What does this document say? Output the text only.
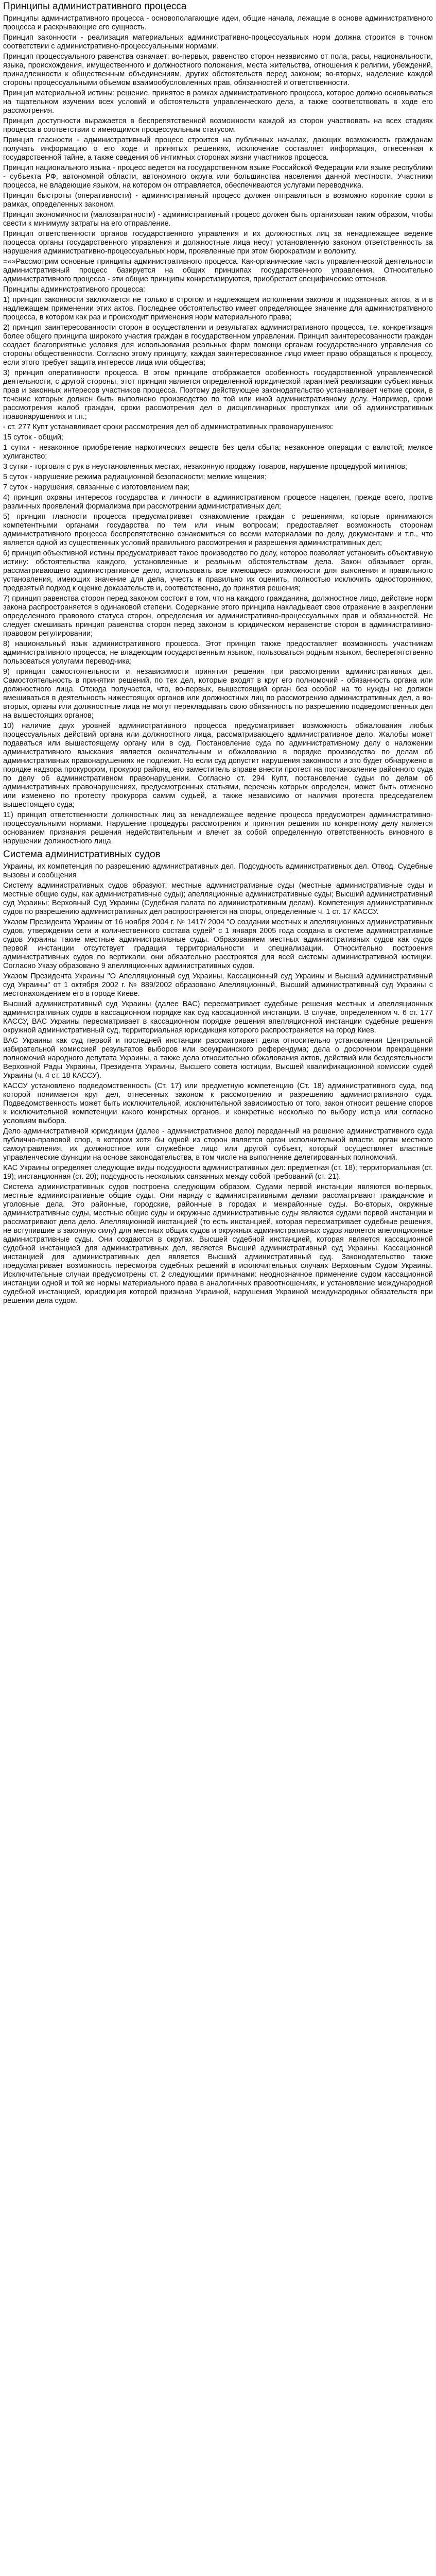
Принципы административного процесса

Принципы административного процесса - основополагающие идеи, общие начала, лежащие в основе административного процесса и раскрывающие его сущность.

Принцип законности - реализация материальных административно-процессуальных норм должна строится в точном соответствии с административно-процессуальными нормами.

Принцип процессуального равенства означает: во-первых, равенство сторон независимо от пола, расы, национальности, языка, происхождения, имущественного и должностного положения, места жительства, отношения к религии, убеждений, принадлежности к общественным объединениям, других обстоятельств перед законом; во-вторых, наделение каждой стороны процессуальными объемом взаимообусловленных прав, обязанностей и ответственности.

Принцип материальной истины: решение, принятое в рамках административного процесса, которое должно основываться на тщательном изучении всех условий и обстоятельств управленческого дела, а также соответствовать в ходе его рассмотрения.

Принцип доступности выражается в беспрепятственной возможности каждой из сторон участвовать на всех стадиях процесса в соответствии с имеющимся процессуальным статусом.

Принцип гласности - административный процесс строится на публичных началах, дающих возможность гражданам получать информацию о его ходе и принятых решениях, исключение составляет информация, отнесенная к государственной тайне, а также сведения об интимных сторонах жизни участников процесса.

Принцип национального языка - процесс ведется на государственном языке Российской Федерации или языке республики - субъекта РФ, автономной области, автономного округа или большинства населения данной местности. Участники процесса, не владеющие языком, на котором он отправляется, обеспечиваются услугами переводчика.

Принцип быстроты (оперативности) - административный процесс должен отправляться в возможно короткие сроки в рамках, определенных законом.

Принцип экономичности (малозатратности) - административный процесс должен быть организован таким образом, чтобы свести к минимуму затраты на его отправление.

Принцип ответственности органов государственного управления и их должностных лиц за ненадлежащее ведение процесса органы государственного управления и должностные лица несут установленную законом ответственность за нарушения административно-процессуальных норм, проявленные при этом бюрократизм и волокиту.

=«»Рассмотрим основные принципы административного процесса. Как-органические часть управленческой деятельности административный процесс базируется на общих принципах государственного управления. Относительно административного процесса - эти общие принципы конкретизируются, приобретает специфические оттенков.

Принципы административного процесса:

1) принцип законности заключается не только в строгом и надлежащем исполнении законов и подзаконных актов, а и в надлежащем применении этих актов. Последнее обстоятельство имеет определяющее значение для административного процесса, в котором как раз и происходит применения норм материального права;

2) принцип заинтересованности сторон в осуществлении и результатах административного процесса, т.е. конкретизация более общего принципа широкого участия граждан в государственном управлении. Принцип заинтересованности граждан создает благоприятные условия для использования реальных форм помощи органам государственного управления со стороны общественности. Согласно этому принципу, каждая заинтересованное лицо имеет право обращаться к процессу, если этого требует защита интересов лица или общества;

3) принцип оперативности процесса. В этом принципе отображается особенность государственной управленческой деятельности, с другой стороны, этот принцип является определенной юридической гарантией реализации субъективных прав и законных интересов участников процесса. Поэтому действующее законодательство устанавливает четкие сроки, в течение которых должен быть выполнено производство по той или иной административному делу. Например, сроки рассмотрения жалоб граждан, сроки рассмотрения дел о дисциплинарных проступках или об административных правонарушениях и т.п.;

- ст. 277 Купт устанавливает сроки рассмотрения дел об административных правонарушениях:

15 суток - общий;

1 сутки - незаконное приобретение наркотических веществ без цели сбыта; незаконное операции с валютой; мелкое хулиганство;

3 сутки - торговля с рук в неустановленных местах, незаконную продажу товаров, нарушение процедурой митингов;

5 суток - нарушение режима радиационной безопасности; мелкие хищения;

7 суток - нарушения, связанные с изготовлением паи;

4) принцип охраны интересов государства и личности в административном процессе нацелен, прежде всего, против различных проявлений формализма при рассмотрении административных дел;

5) принцип гласности процесса предусматривает ознакомление граждан с решениями, которые принимаются компетентными органами государства по тем или иным вопросам; предоставляет возможность сторонам административного процесса беспрепятственно ознакомиться со всеми материалами по делу, документами и т.п., что является одной из существенных условий правильного рассмотрения и разрешения административных дел;

6) принцип объективной истины предусматривает такое производство по делу, которое позволяет установить объективную истину: обстоятельства каждого, установленные и реальным обстоятельствам дела. Закон обязывает орган, рассматривающего административное дело, использовать все имеющиеся возможности для выяснения и правильного установления, имеющих значение для дела, учесть и правильно их оценить, полностью исключить одностороннюю, предвзятый подход к оценке доказательств и, соответственно, до принятия решения;

7) принцип равенства сторон перед законом состоит в том, что на каждого гражданина, должностное лицо, действие норм закона распространяется в одинаковой степени. Содержание этого принципа накладывает свое отражение в закреплении определенного правового статуса сторон, определения их административно-процессуальных прав и обязанностей. Не следует смешивать принцип равенства сторон перед законом в юридическом неравенстве сторон в административно-правовом регулировании;

8) национальный язык административного процесса. Этот принцип также предоставляет возможность участникам административного процесса, не владеющим государственным языком, пользоваться родным языком, бесперепятственно пользоваться услугами переводчика;

9) принцип самостоятельности и независимости принятия решения при рассмотрении административных дел. Самостоятельность в принятии решений, по тех дел, которые входят в круг его полномочий - обязанность органа или должностного лица. Отсюда получается, что, во-первых, вышестоящий орган без особой на то нужды не должен вмешиваться в деятельность нижестоящих органов или должностных лиц по рассмотрению административных дел, а во-вторых, органы или должностные лица не могут перекладывать свою обязанность по разрешению подведомственных дел на вышестоящих органов;

10) наличие двух уровней административного процесса предусматривает возможность обжалования любых процессуальных действий органа или должностного лица, рассматривающего административное дело. Жалобы может подаваться или вышестоящему органу или в суд. Постановление суда по административному делу о наложении административного взыскания является окончательным и обжалованию в порядке производства по делам об административных правонарушениях не подлежит. Но если суд допустит нарушения законности и это будет обнаружено в порядке надзора прокурором, прокурор района, его заместитель вправе внести протест на постановление районного суда по делу об административном правонарушении. Согласно ст. 294 Купт, постановление судьи по делам об административных правонарушениях, предусмотренных статьями, перечень которых определен, может быть отменено или изменено по протесту прокурора самим судьей, а также независимо от наличия протеста председателем вышестоящего суда;

11) принцип ответственности должностных лиц за ненадлежащее ведение процесса предусмотрен административно-процессуальными нормами. Нарушение процедуры рассмотрения и принятия решения по конкретному делу является основанием признания решения недействительным и влечет за собой определенную ответственность виновного в нарушении должностного лица.

Система административных судов

Украины, их компетенция по разрешению административных дел. Подсудность административных дел. Отвод. Судебные вызовы и сообщения

Систему административных судов образуют: местные административные суды (местные административные суды и местные общие суды, как административные суды); апелляционные административные суды; Высший административный суд Украины; Верховный Суд Украины (Судебная палата по административным делам). Компетенция административных судов по разрешению административных дел распространяется на споры, определенные ч. 1 ст. 17 КАССУ.

Указом Президента Украины от 16 ноября 2004 г. № 1417/ 2004 "О создании местных и апелляционных административных судов, утверждении сети и количественного состава судей" с 1 января 2005 года создана в системе административные судов Украины такие местные административные суды. Образованием местных административных судов как судов первой инстанции отсутствует градация территориальности и специализации. Относительно построения административных судов по вертикали, они обязательно расстроятся для всей системы административной юстиции. Согласно Указу образовано 9 апелляционных административных судов.

Указом Президента Украины "О Апелляционный суд Украины, Кассационный суд Украины и Высший административный суд Украины" от 1 октября 2002 г. № 889/2002 образовано Апелляционный, Высший административный суд Украины с местонахождением его в городе Киеве.

Высший административный суд Украины (далее ВАС) пересматривает судебные решения местных и апелляционных административных судов в кассационном порядке как суд кассационной инстанции. В случае, определенном ч. 6 ст. 177 КАССУ, ВАС Украины пересматривает в кассационном порядке решения апелляционной инстанции судебные решения окружной административный суд, территориальная юрисдикция которого распространяется на город Киев.

ВАС Украины как суд первой и последней инстанции рассматривает дела относительно установления Центральной избирательной комиссией результатов выборов или всеукраинского референдума; дела о досрочном прекращении полномочий народного депутата Украины, а также дела относительно обжалования актов, действий или бездеятельности Верховной Рады Украины, Президента Украины, Высшего совета юстиции, Высшей квалификационной комиссии судей Украины (ч. 4 ст. 18 КАССУ).

КАССУ установлено подведомственность (Ст. 17) или предметную компетенцию (Ст. 18) административного суда, под которой понимается круг дел, отнесенных законом к рассмотрению и разрешению административного суда. Подведомственность может быть исключительной, исключительной зависимостью от того, закон относит решение споров к исключительной компетенции какого конкретных органов, и конкретные несколько по выбору истца или согласно условиям выбора.

Дело административной юрисдикции (далее - административное дело) переданный на решение административного суда публично-правовой спор, в котором хотя бы одной из сторон является орган исполнительной власти, орган местного самоуправления, их должностное или служебное лицо или другой субъект, который осуществляет властные управленческие функции на основе законодательства, в том числе на выполнение делегированных полномочий.

КАС Украины определяет следующие виды подсудности административных дел: предметная (ст. 18); территориальная (ст. 19); инстанционная (ст. 20); подсудность нескольких связанных между собой требований (ст. 21).

Система административных судов построена следующим образом. Судами первой инстанции являются во-первых, местные административные общие суды. Они наряду с административными делами рассматривают гражданские и уголовные дела. Это районные, городские, районные в городах и межрайонные суды. Во-вторых, окружные административные суды, местные общие суды и окружные административные суды являются судами первой инстанции и рассматривают дела дело. Апелляционной инстанцией (то есть инстанцией, которая пересматривает судебные решения, не вступившие в законную силу) для местных общих судов и окружных административных судов является апелляционные административные суды. Они создаются в округах. Высшей судебной инстанцией, которая является кассационной судебной инстанцией для административных дел, является Высший административный суд Украины. Кассационной инстанцией для административных дел является Высший административный суд. Законодательство также предусматривает возможность пересмотра судебных решений в исключительных случаях Верховным Судом Украины. Исключительные случаи предусмотрены ст. 2 следующими причинами: неоднозначное применение судом кассационной инстанции одной и той же нормы материального права в аналогичных правоотношениях, и установление международной судебной инстанцией, юрисдикция которой признана Украиной, нарушения Украиной международных обязательств при решении дела судом.
